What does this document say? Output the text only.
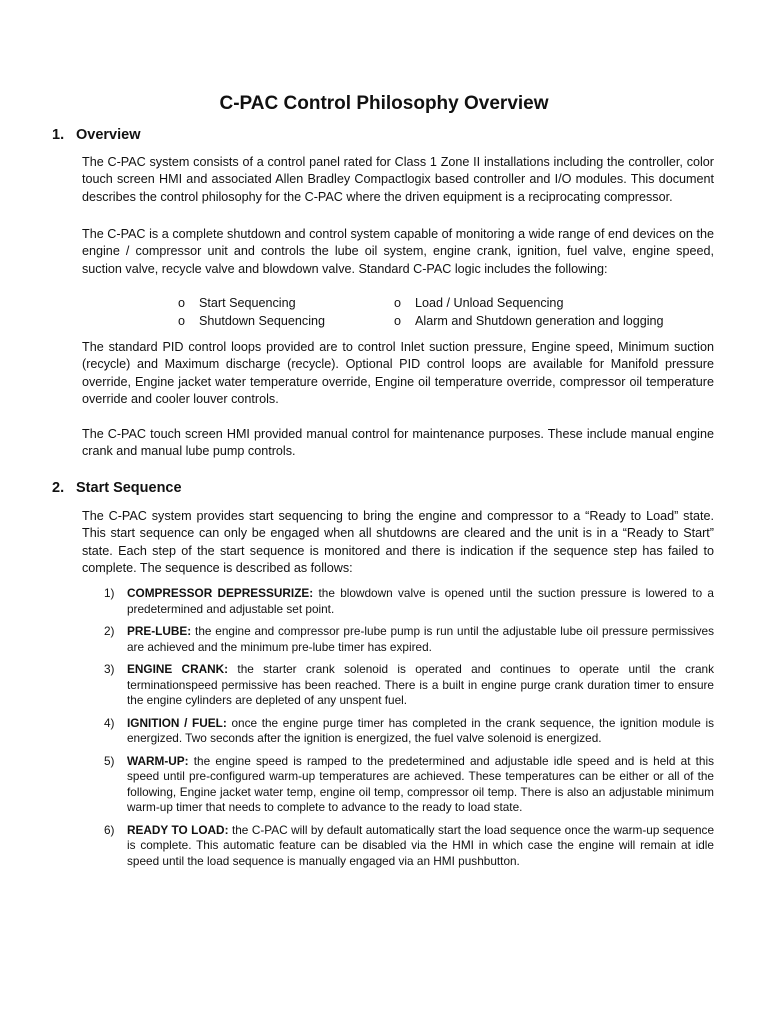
C-PAC Control Philosophy Overview
1. Overview
The C-PAC system consists of a control panel rated for Class 1 Zone II installations including the controller, color touch screen HMI and associated Allen Bradley Compactlogix based controller and I/O modules. This document describes the control philosophy for the C-PAC where the driven equipment is a reciprocating compressor.
The C-PAC is a complete shutdown and control system capable of monitoring a wide range of end devices on the engine / compressor unit and controls the lube oil system, engine crank, ignition, fuel valve, engine speed, suction valve, recycle valve and blowdown valve. Standard C-PAC logic includes the following:
o Start Sequencing	o Load / Unload Sequencing
o Shutdown Sequencing	o Alarm and Shutdown generation and logging
The standard PID control loops provided are to control Inlet suction pressure, Engine speed, Minimum suction (recycle) and Maximum discharge (recycle). Optional PID control loops are available for Manifold pressure override, Engine jacket water temperature override, Engine oil temperature override, compressor oil temperature override and cooler louver controls.
The C-PAC touch screen HMI provided manual control for maintenance purposes. These include manual engine crank and manual lube pump controls.
2. Start Sequence
The C-PAC system provides start sequencing to bring the engine and compressor to a “Ready to Load” state. This start sequence can only be engaged when all shutdowns are cleared and the unit is in a “Ready to Start” state. Each step of the start sequence is monitored and there is indication if the sequence step has failed to complete. The sequence is described as follows:
1) COMPRESSOR DEPRESSURIZE: the blowdown valve is opened until the suction pressure is lowered to a predetermined and adjustable set point.
2) PRE-LUBE: the engine and compressor pre-lube pump is run until the adjustable lube oil pressure permissives are achieved and the minimum pre-lube timer has expired.
3) ENGINE CRANK: the starter crank solenoid is operated and continues to operate until the crank terminationspeed permissive has been reached. There is a built in engine purge crank duration timer to ensure the engine cylinders are depleted of any unspent fuel.
4) IGNITION / FUEL: once the engine purge timer has completed in the crank sequence, the ignition module is energized. Two seconds after the ignition is energized, the fuel valve solenoid is energized.
5) WARM-UP: the engine speed is ramped to the predetermined and adjustable idle speed and is held at this speed until pre-configured warm-up temperatures are achieved. These temperatures can be either or all of the following, Engine jacket water temp, engine oil temp, compressor oil temp. There is also an adjustable minimum warm-up timer that needs to complete to advance to the ready to load state.
6) READY TO LOAD: the C-PAC will by default automatically start the load sequence once the warm-up sequence is complete. This automatic feature can be disabled via the HMI in which case the engine will remain at idle speed until the load sequence is manually engaged via an HMI pushbutton.
